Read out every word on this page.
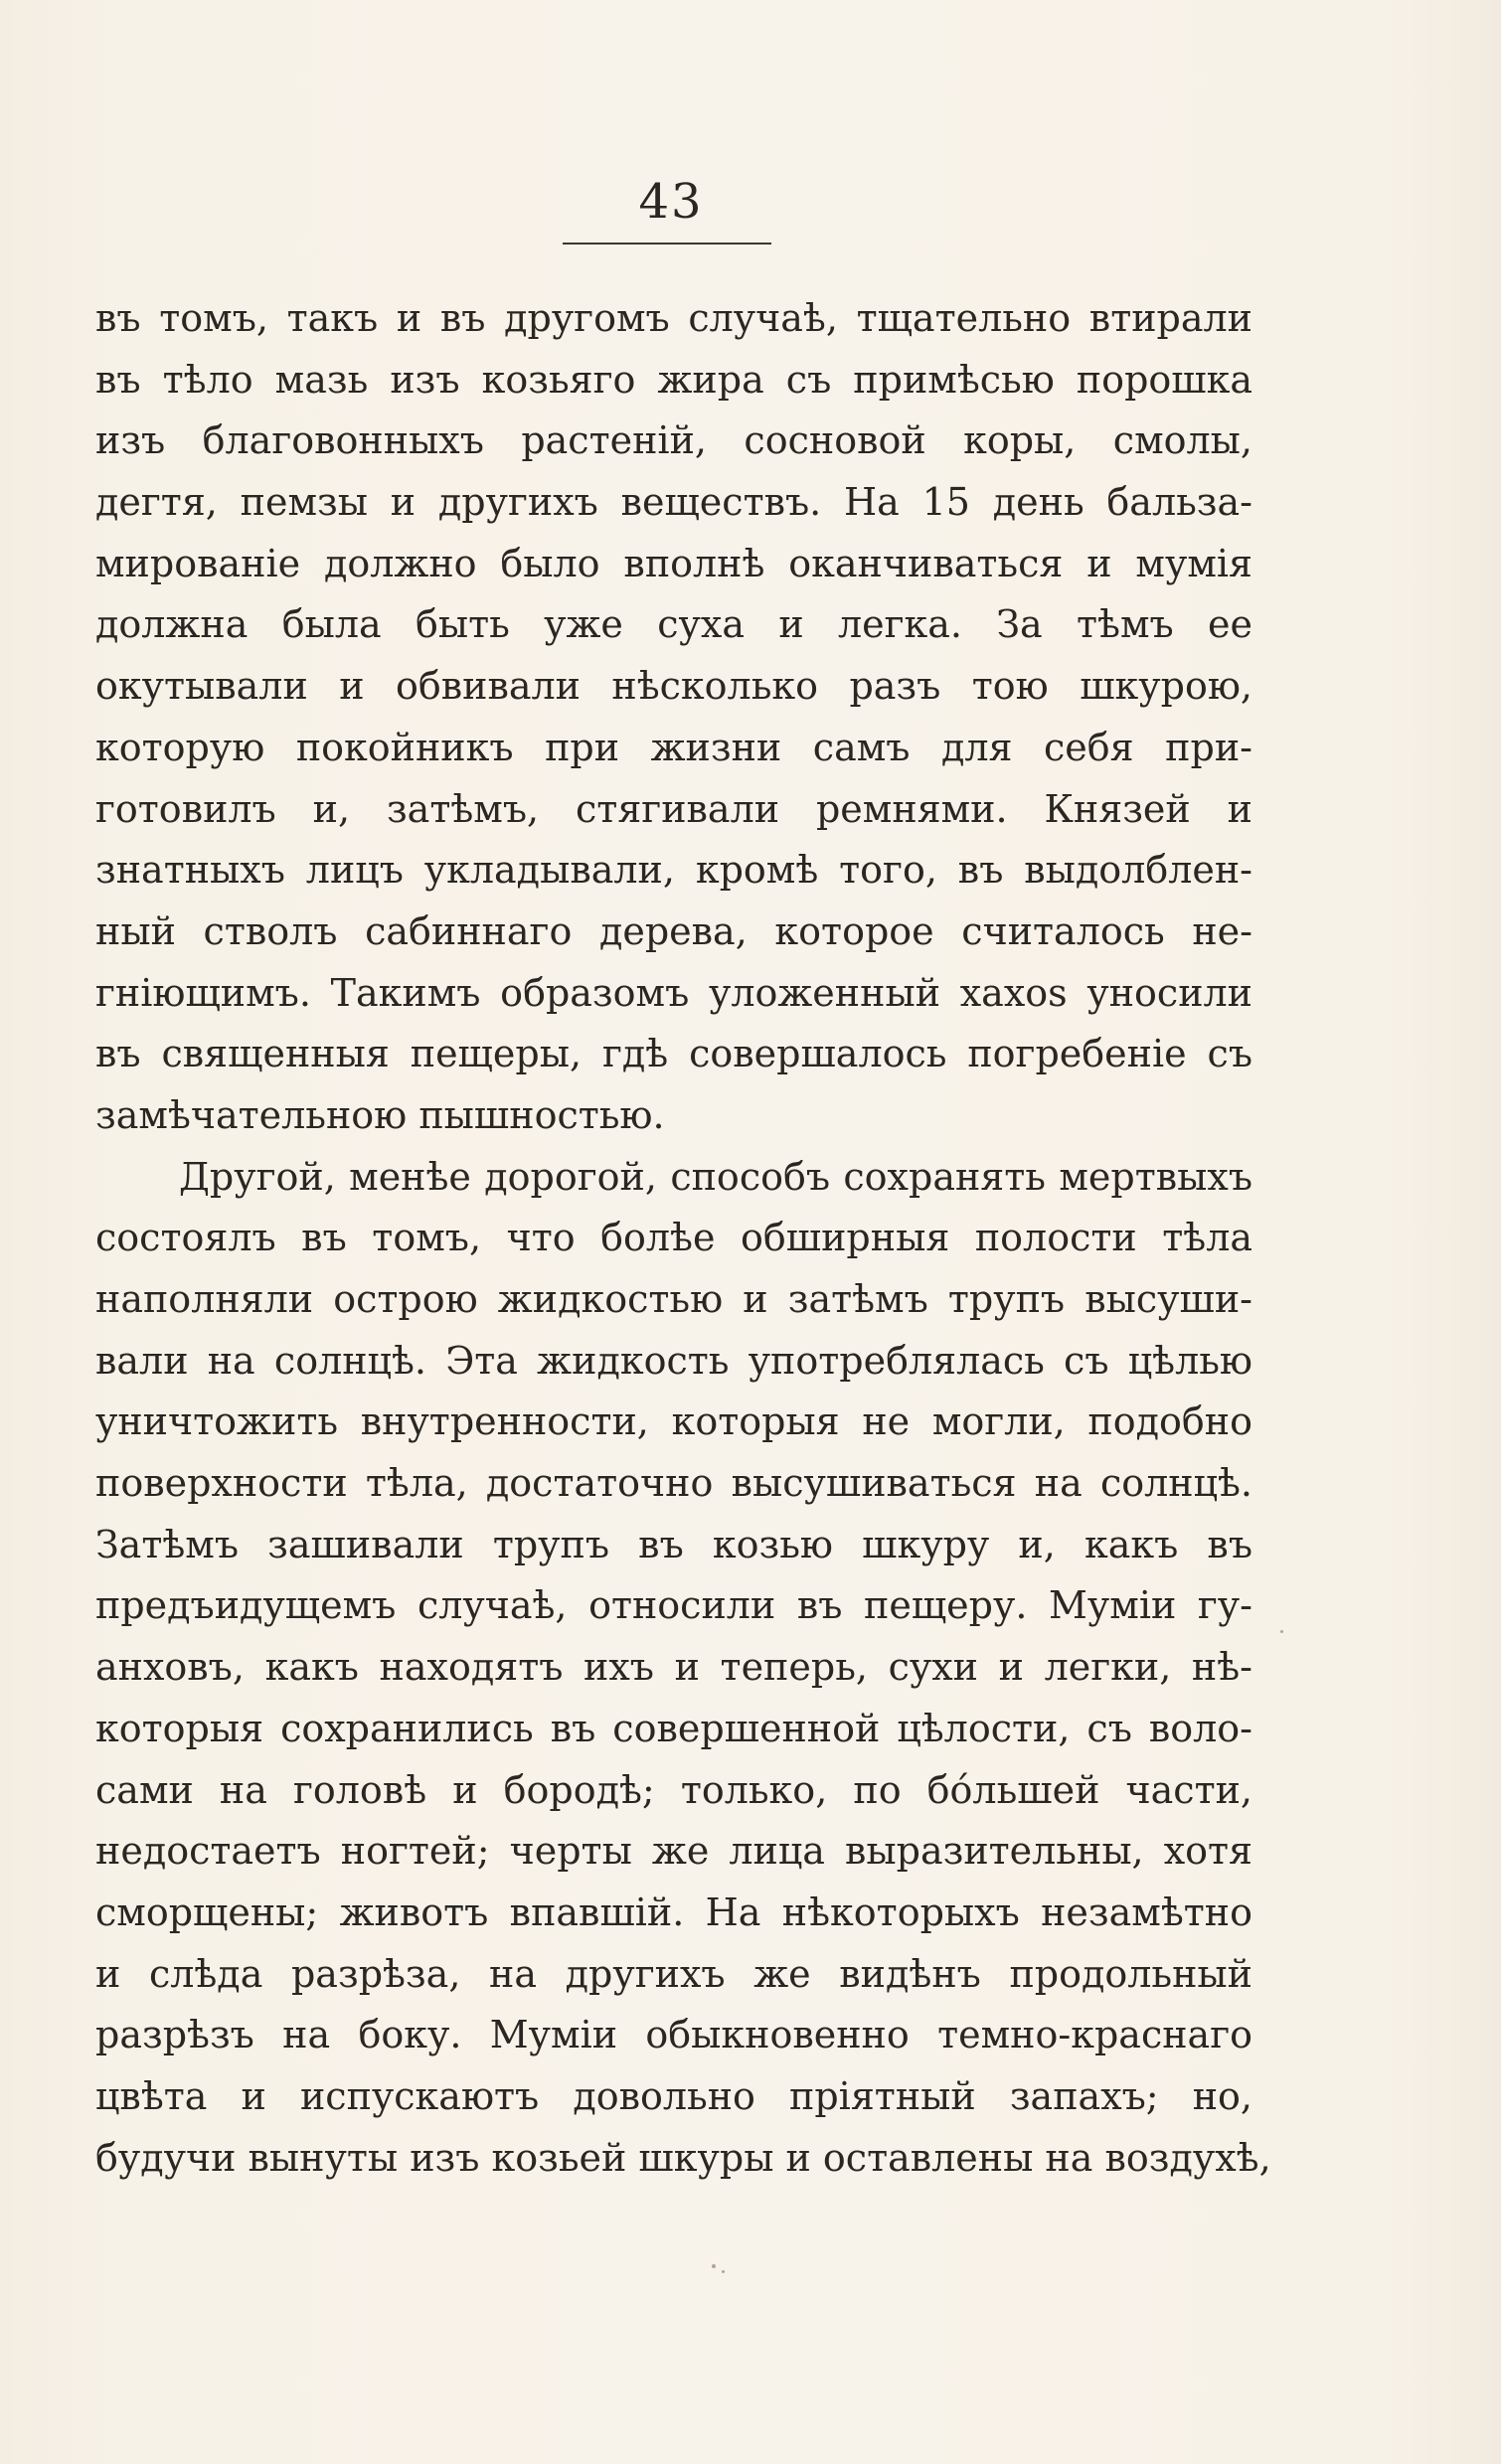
43
въ томъ, такъ и въ другомъ случаѣ, тщательно втирали
въ тѣло мазь изъ козьяго жира съ примѣсью порошка
изъ благовонныхъ растеній, сосновой коры, смолы,
дегтя, пемзы и другихъ веществъ. На 15 день бальза-
мированіе должно было вполнѣ оканчиваться и мумія
должна была быть уже суха и легка. За тѣмъ ее
окутывали и обвивали нѣсколько разъ тою шкурою,
которую покойникъ при жизни самъ для себя при-
готовилъ и, затѣмъ, стягивали ремнями. Князей и
знатныхъ лицъ укладывали, кромѣ того, въ выдолблен-
ный стволъ сабиннаго дерева, которое считалось не-
гніющимъ. Такимъ образомъ уложенный хахоѕ уносили
въ священныя пещеры, гдѣ совершалось погребеніе съ
замѣчательною пышностью.
Другой, менѣе дорогой, способъ сохранять мертвыхъ
состоялъ въ томъ, что болѣе обширныя полости тѣла
наполняли острою жидкостью и затѣмъ трупъ высуши-
вали на солнцѣ. Эта жидкость употреблялась съ цѣлью
уничтожить внутренности, которыя не могли, подобно
поверхности тѣла, достаточно высушиваться на солнцѣ.
Затѣмъ зашивали трупъ въ козью шкуру и, какъ въ
предъидущемъ случаѣ, относили въ пещеру. Муміи гу-
анховъ, какъ находятъ ихъ и теперь, сухи и легки, нѣ-
которыя сохранились въ совершенной цѣлости, съ воло-
сами на головѣ и бородѣ; только, по бо́льшей части,
недостаетъ ногтей; черты же лица выразительны, хотя
сморщены; животъ впавшій. На нѣкоторыхъ незамѣтно
и слѣда разрѣза, на другихъ же видѣнъ продольный
разрѣзъ на боку. Муміи обыкновенно темно-краснаго
цвѣта и испускаютъ довольно пріятный запахъ; но,
будучи вынуты изъ козьей шкуры и оставлены на воздухѣ,
